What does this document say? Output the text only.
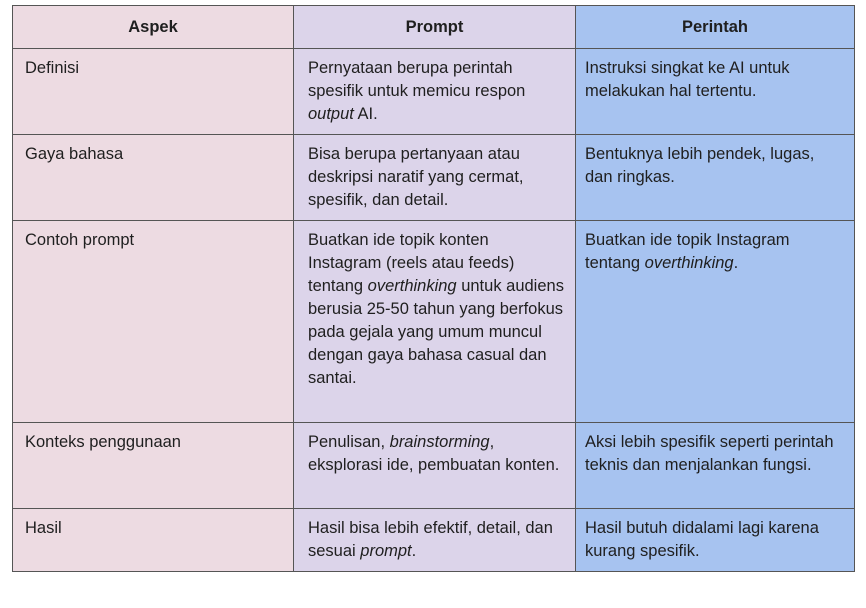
Aspek	Prompt	Perintah

Definisi	Pernyataan berupa perintah spesifik untuk memicu respon output AI.	Instruksi singkat ke AI untuk melakukan hal tertentu.

Gaya bahasa	Bisa berupa pertanyaan atau deskripsi naratif yang cermat, spesifik, dan detail.	Bentuknya lebih pendek, lugas, dan ringkas.

Contoh prompt	Buatkan ide topik konten Instagram (reels atau feeds) tentang overthinking untuk audiens berusia 25-50 tahun yang berfokus pada gejala yang umum muncul dengan gaya bahasa casual dan santai.	Buatkan ide topik Instagram tentang overthinking.

Konteks penggunaan	Penulisan, brainstorming, eksplorasi ide, pembuatan konten.	Aksi lebih spesifik seperti perintah teknis dan menjalankan fungsi.

Hasil	Hasil bisa lebih efektif, detail, dan sesuai prompt.	Hasil butuh didalami lagi karena kurang spesifik.
